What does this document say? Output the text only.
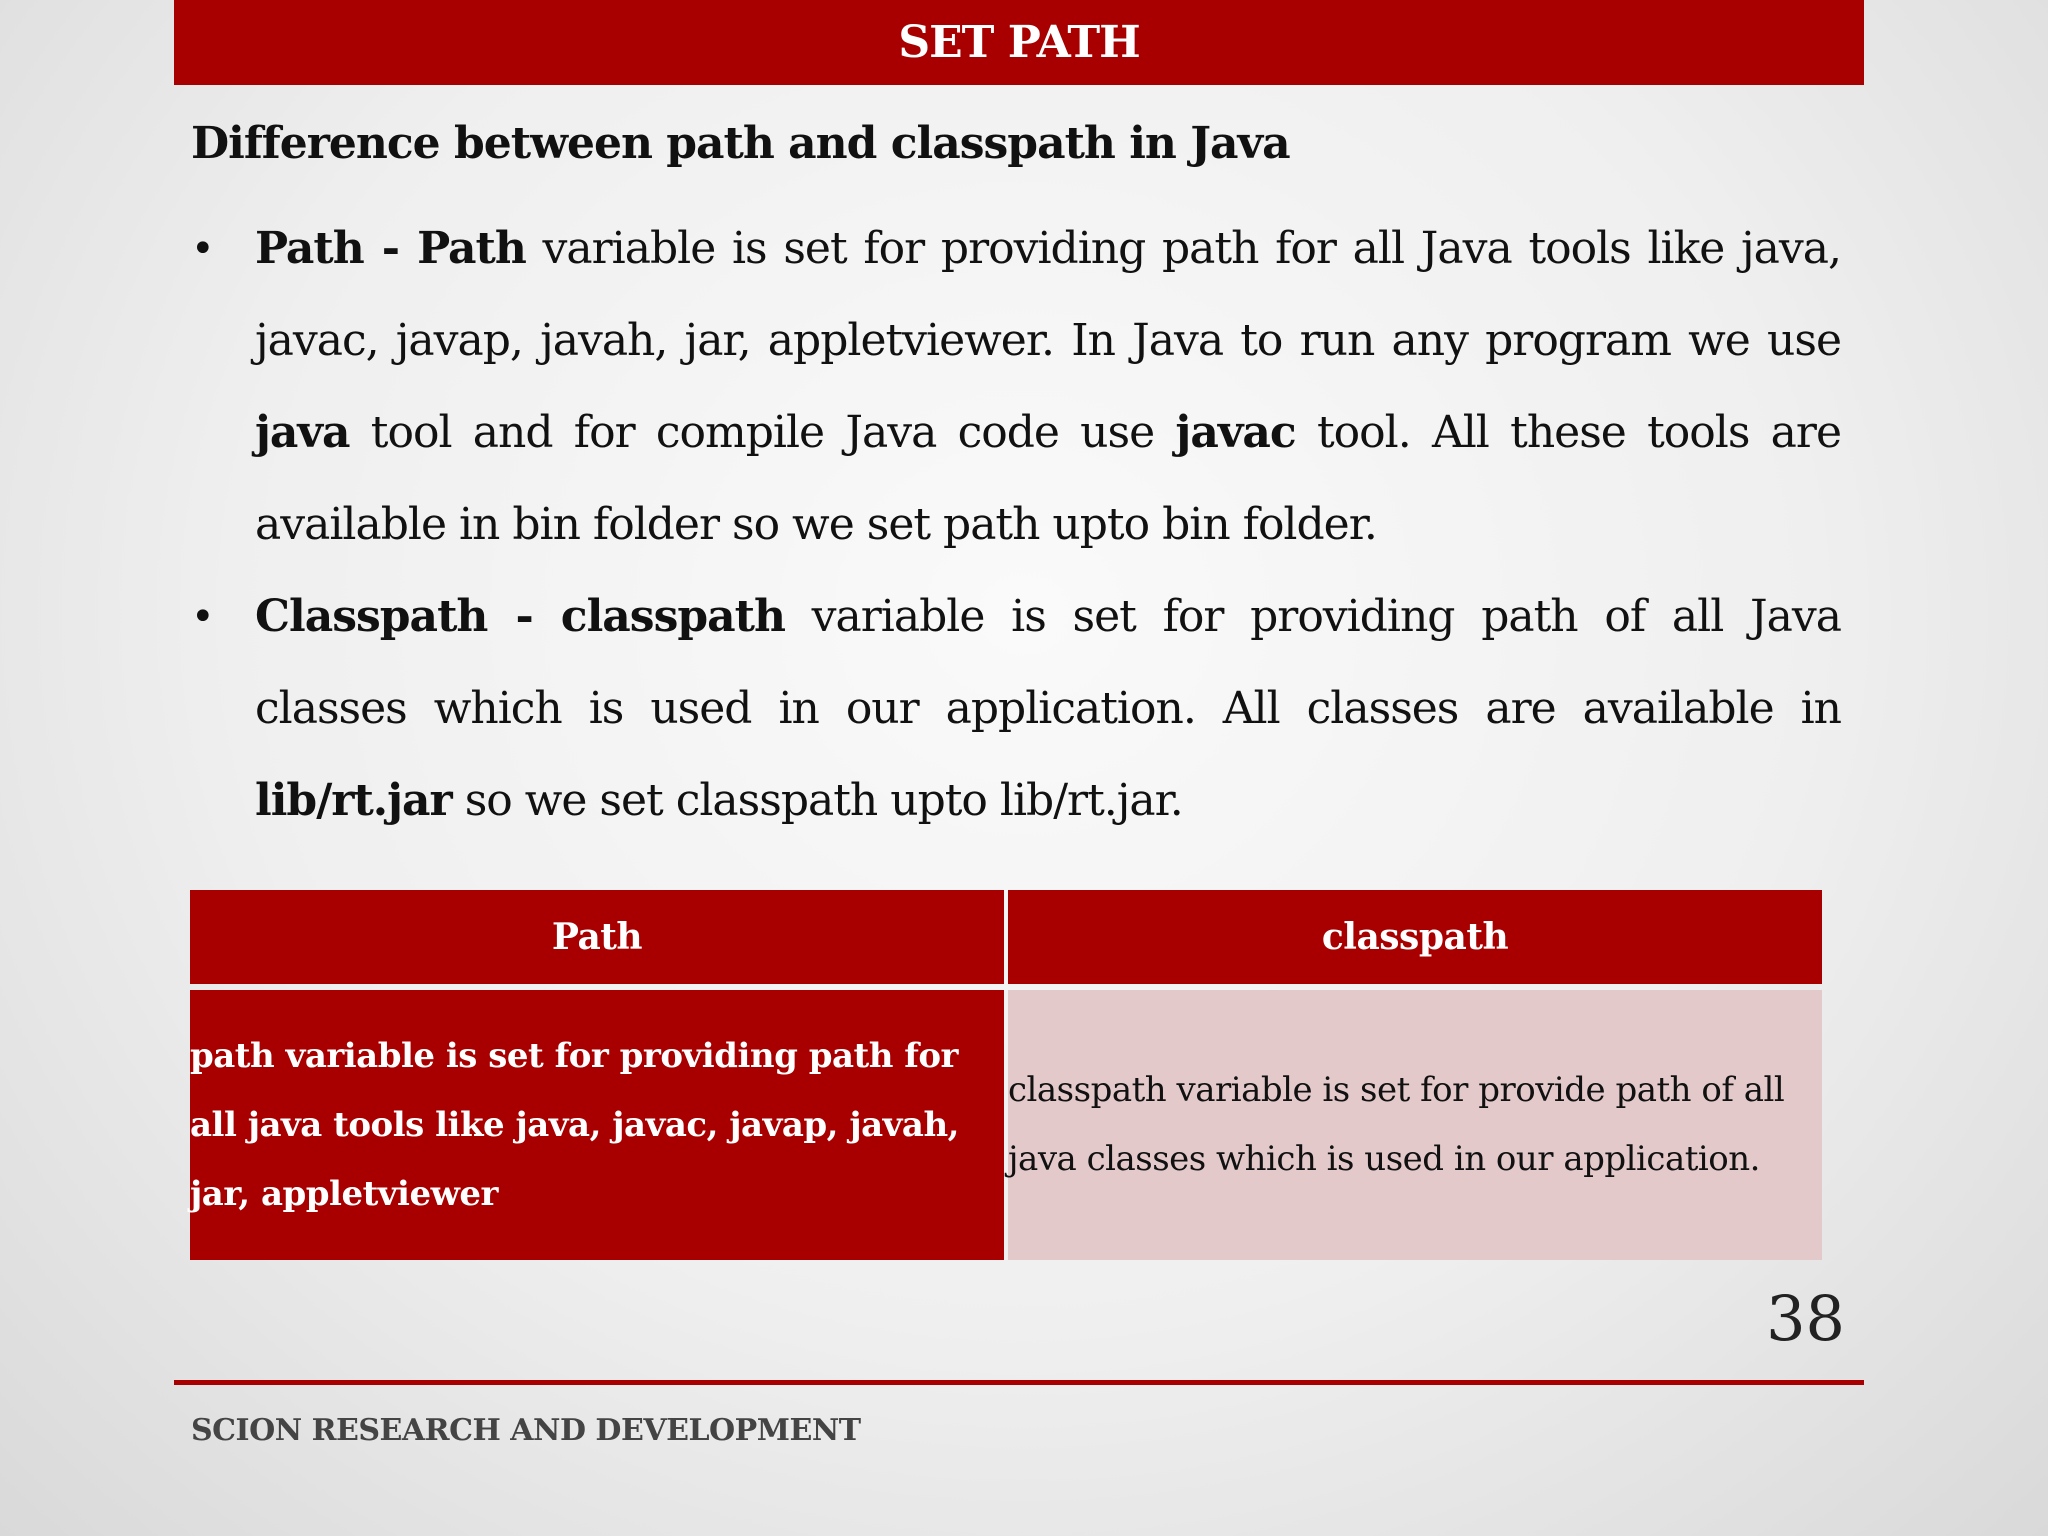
SET PATH
Difference between path and classpath in Java
• Path - Path variable is set for providing path for all Java tools like java, javac, javap, javah, jar, appletviewer. In Java to run any program we use java tool and for compile Java code use javac tool. All these tools are available in bin folder so we set path upto bin folder.
• Classpath - classpath variable is set for providing path of all Java classes which is used in our application. All classes are available in lib/rt.jar so we set classpath upto lib/rt.jar.
Path	classpath
path variable is set for providing path for all java tools like java, javac, javap, javah, jar, appletviewer	classpath variable is set for provide path of all java classes which is used in our application.
38
SCION RESEARCH AND DEVELOPMENT
